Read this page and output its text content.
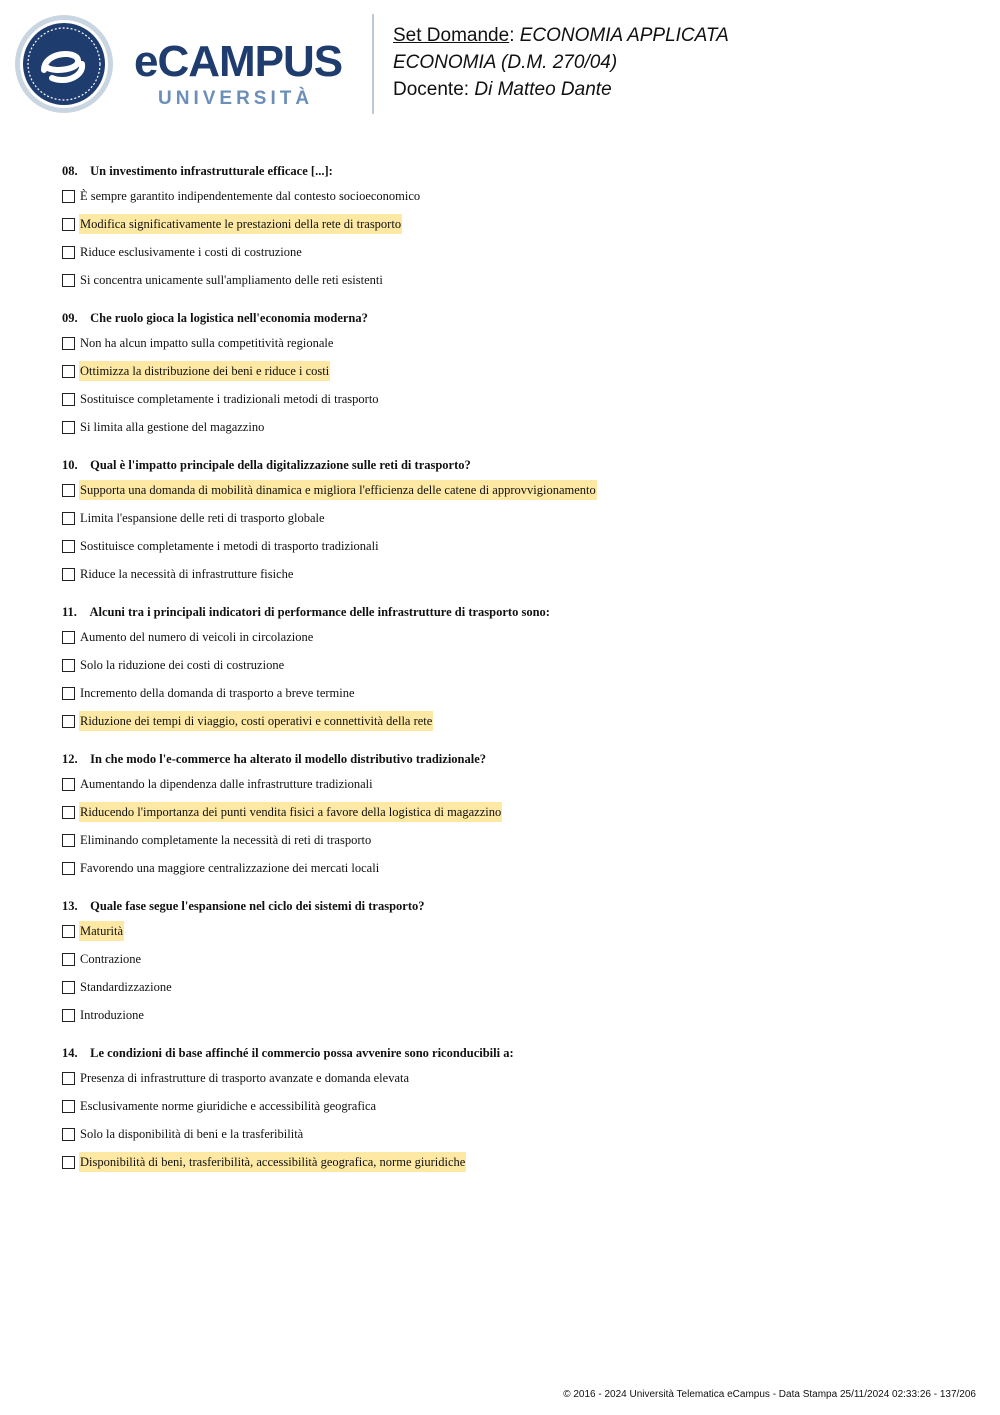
eCAMPUS
UNIVERSITÀ
Set Domande: ECONOMIA APPLICATA
ECONOMIA (D.M. 270/04)
Docente: Di Matteo Dante
08. Un investimento infrastrutturale efficace [...]:
È sempre garantito indipendentemente dal contesto socioeconomico
Modifica significativamente le prestazioni della rete di trasporto
Riduce esclusivamente i costi di costruzione
Si concentra unicamente sull'ampliamento delle reti esistenti
09. Che ruolo gioca la logistica nell'economia moderna?
Non ha alcun impatto sulla competitività regionale
Ottimizza la distribuzione dei beni e riduce i costi
Sostituisce completamente i tradizionali metodi di trasporto
Si limita alla gestione del magazzino
10. Qual è l'impatto principale della digitalizzazione sulle reti di trasporto?
Supporta una domanda di mobilità dinamica e migliora l'efficienza delle catene di approvvigionamento
Limita l'espansione delle reti di trasporto globale
Sostituisce completamente i metodi di trasporto tradizionali
Riduce la necessità di infrastrutture fisiche
11. Alcuni tra i principali indicatori di performance delle infrastrutture di trasporto sono:
Aumento del numero di veicoli in circolazione
Solo la riduzione dei costi di costruzione
Incremento della domanda di trasporto a breve termine
Riduzione dei tempi di viaggio, costi operativi e connettività della rete
12. In che modo l'e-commerce ha alterato il modello distributivo tradizionale?
Aumentando la dipendenza dalle infrastrutture tradizionali
Riducendo l'importanza dei punti vendita fisici a favore della logistica di magazzino
Eliminando completamente la necessità di reti di trasporto
Favorendo una maggiore centralizzazione dei mercati locali
13. Quale fase segue l'espansione nel ciclo dei sistemi di trasporto?
Maturità
Contrazione
Standardizzazione
Introduzione
14. Le condizioni di base affinché il commercio possa avvenire sono riconducibili a:
Presenza di infrastrutture di trasporto avanzate e domanda elevata
Esclusivamente norme giuridiche e accessibilità geografica
Solo la disponibilità di beni e la trasferibilità
Disponibilità di beni, trasferibilità, accessibilità geografica, norme giuridiche
© 2016 - 2024 Università Telematica eCampus - Data Stampa 25/11/2024 02:33:26 - 137/206
